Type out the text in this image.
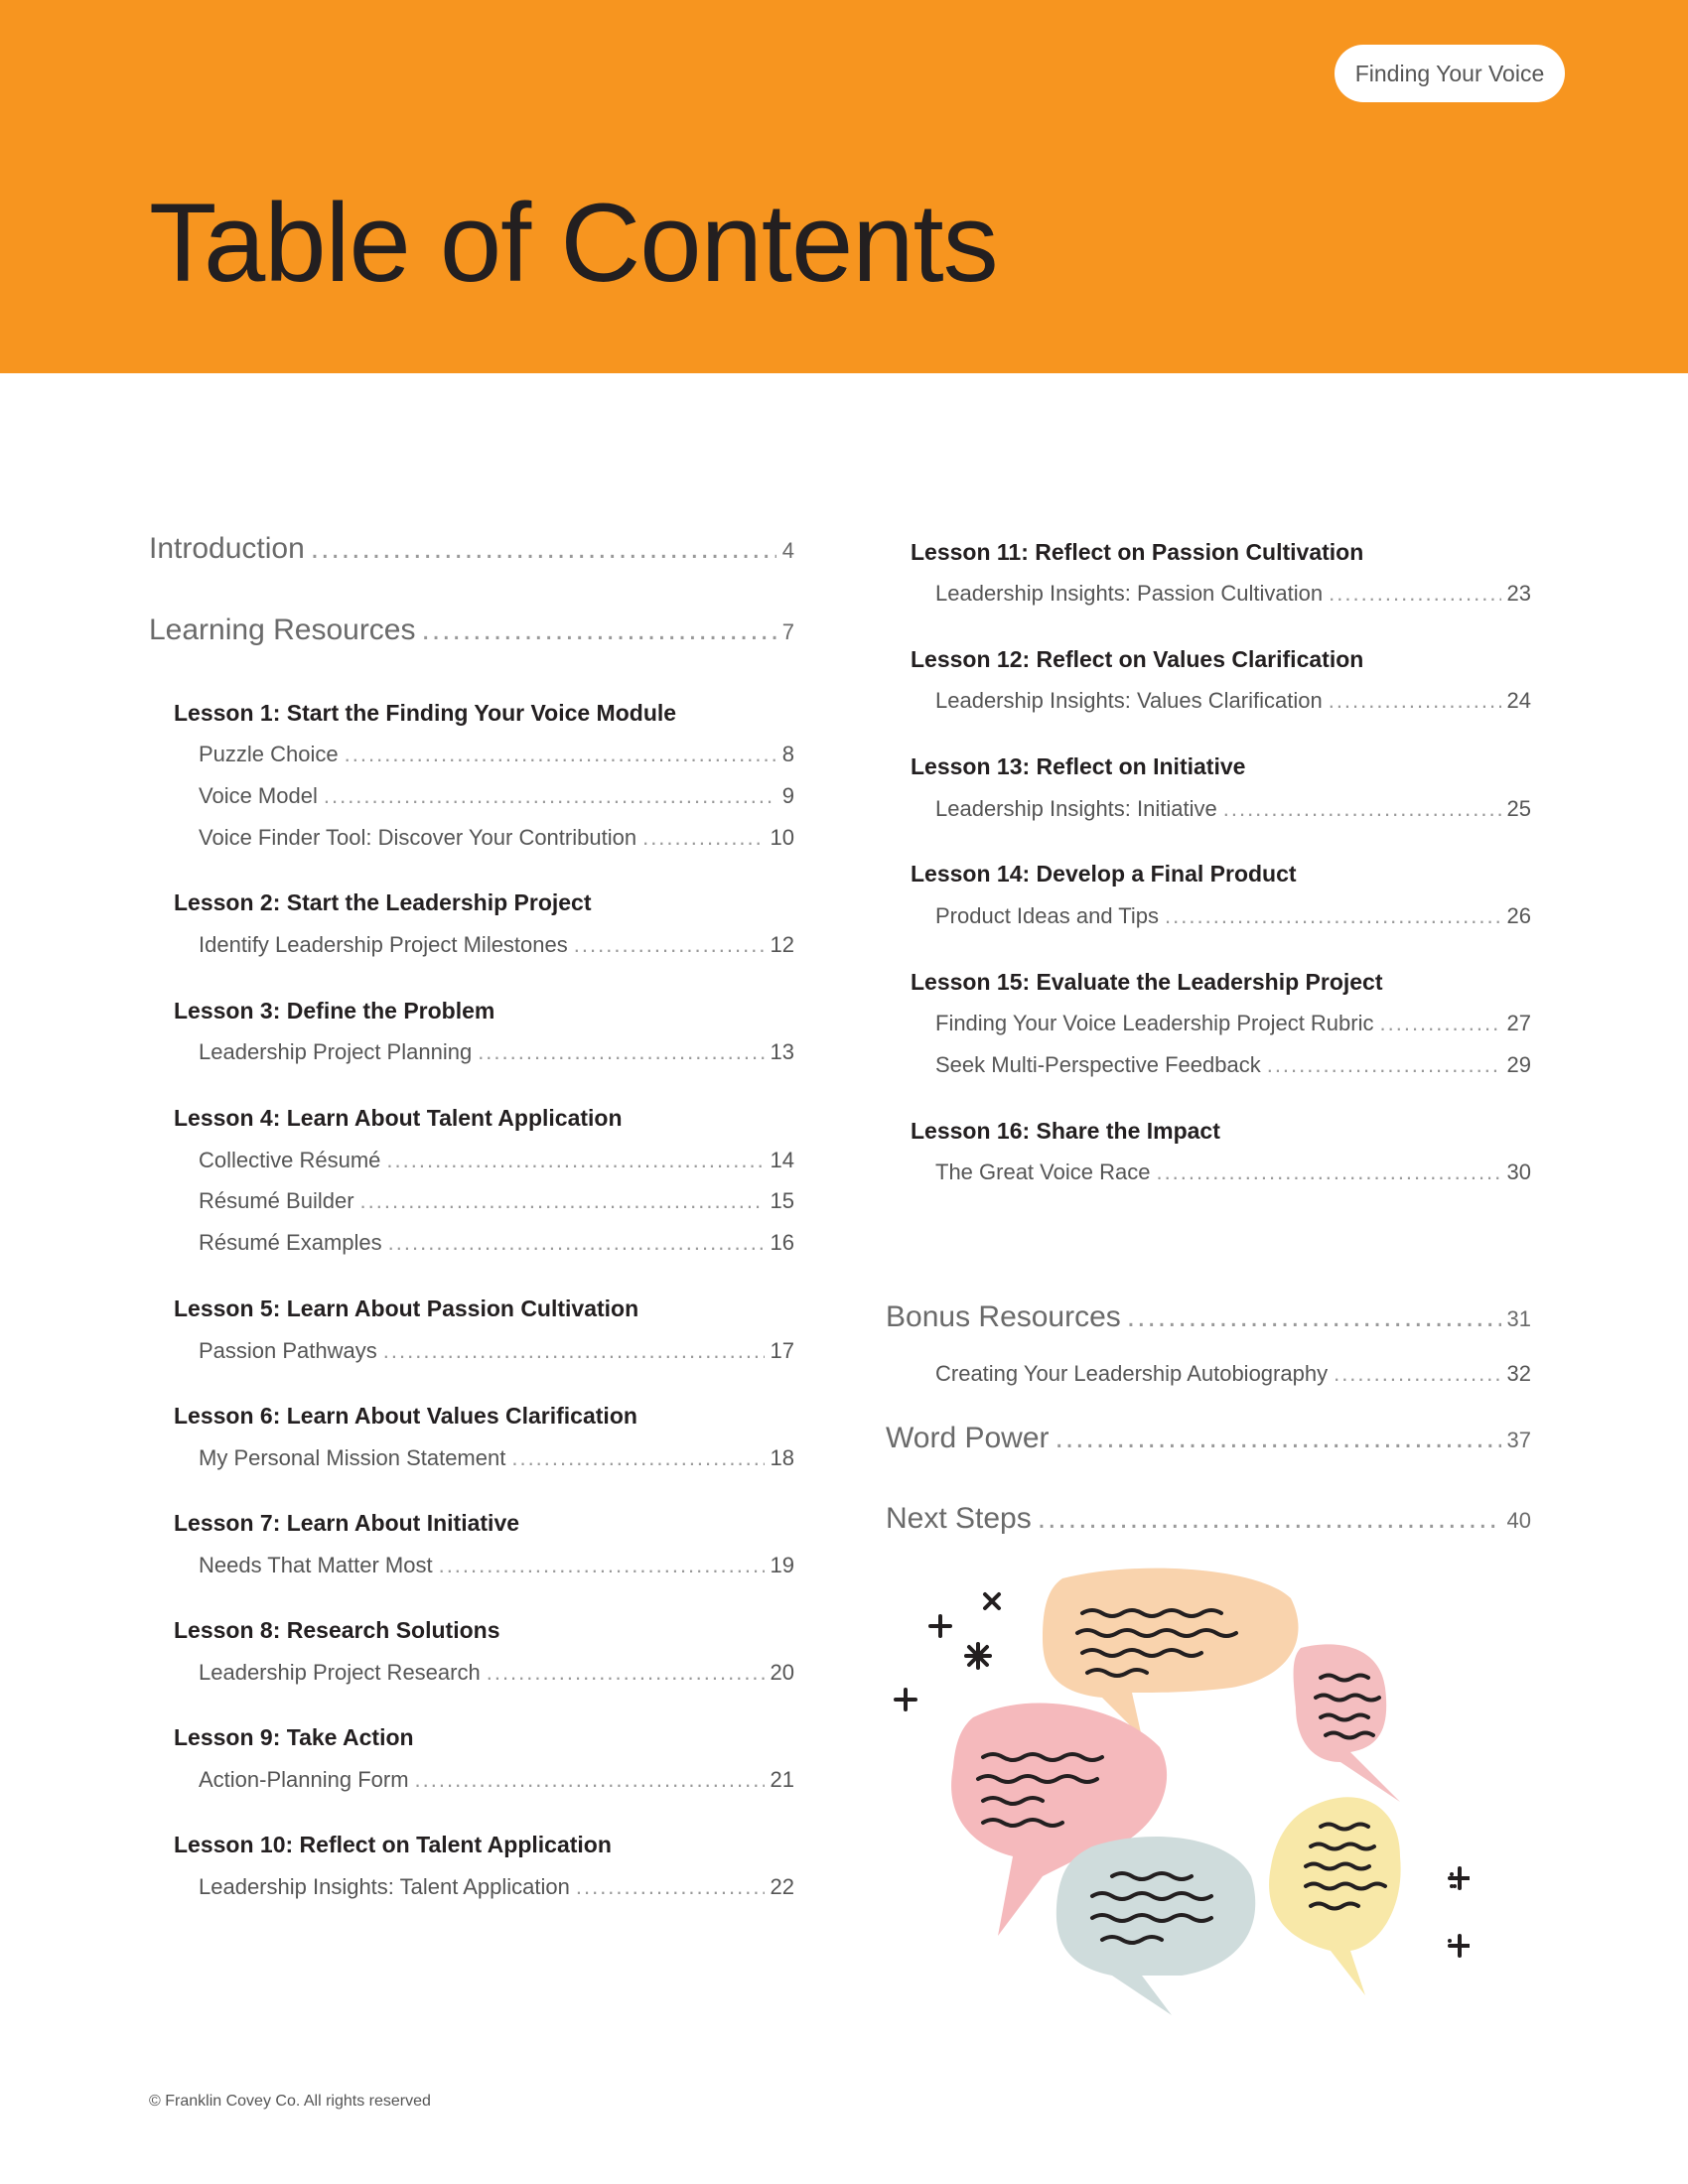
Finding Your Voice
Table of Contents
Introduction .....	4
Learning Resources .....	7
Lesson 1: Start the Finding Your Voice Module
Puzzle Choice .....	8
Voice Model .....	9
Voice Finder Tool: Discover Your Contribution .....	10
Lesson 2: Start the Leadership Project
Identify Leadership Project Milestones .....	12
Lesson 3: Define the Problem
Leadership Project Planning .....	13
Lesson 4: Learn About Talent Application
Collective Résumé .....	14
Résumé Builder .....	15
Résumé Examples .....	16
Lesson 5: Learn About Passion Cultivation
Passion Pathways .....	17
Lesson 6: Learn About Values Clarification
My Personal Mission Statement .....	18
Lesson 7: Learn About Initiative
Needs That Matter Most .....	19
Lesson 8: Research Solutions
Leadership Project Research .....	20
Lesson 9: Take Action
Action-Planning Form .....	21
Lesson 10: Reflect on Talent Application
Leadership Insights: Talent Application .....	22
Lesson 11: Reflect on Passion Cultivation
Leadership Insights: Passion Cultivation .....	23
Lesson 12: Reflect on Values Clarification
Leadership Insights: Values Clarification .....	24
Lesson 13: Reflect on Initiative
Leadership Insights: Initiative .....	25
Lesson 14: Develop a Final Product
Product Ideas and Tips .....	26
Lesson 15: Evaluate the Leadership Project
Finding Your Voice Leadership Project Rubric .....	27
Seek Multi-Perspective Feedback .....	29
Lesson 16: Share the Impact
The Great Voice Race .....	30
Bonus Resources .....	31
Creating Your Leadership Autobiography .....	32
Word Power .....	37
Next Steps .....	40
© Franklin Covey Co. All rights reserved
